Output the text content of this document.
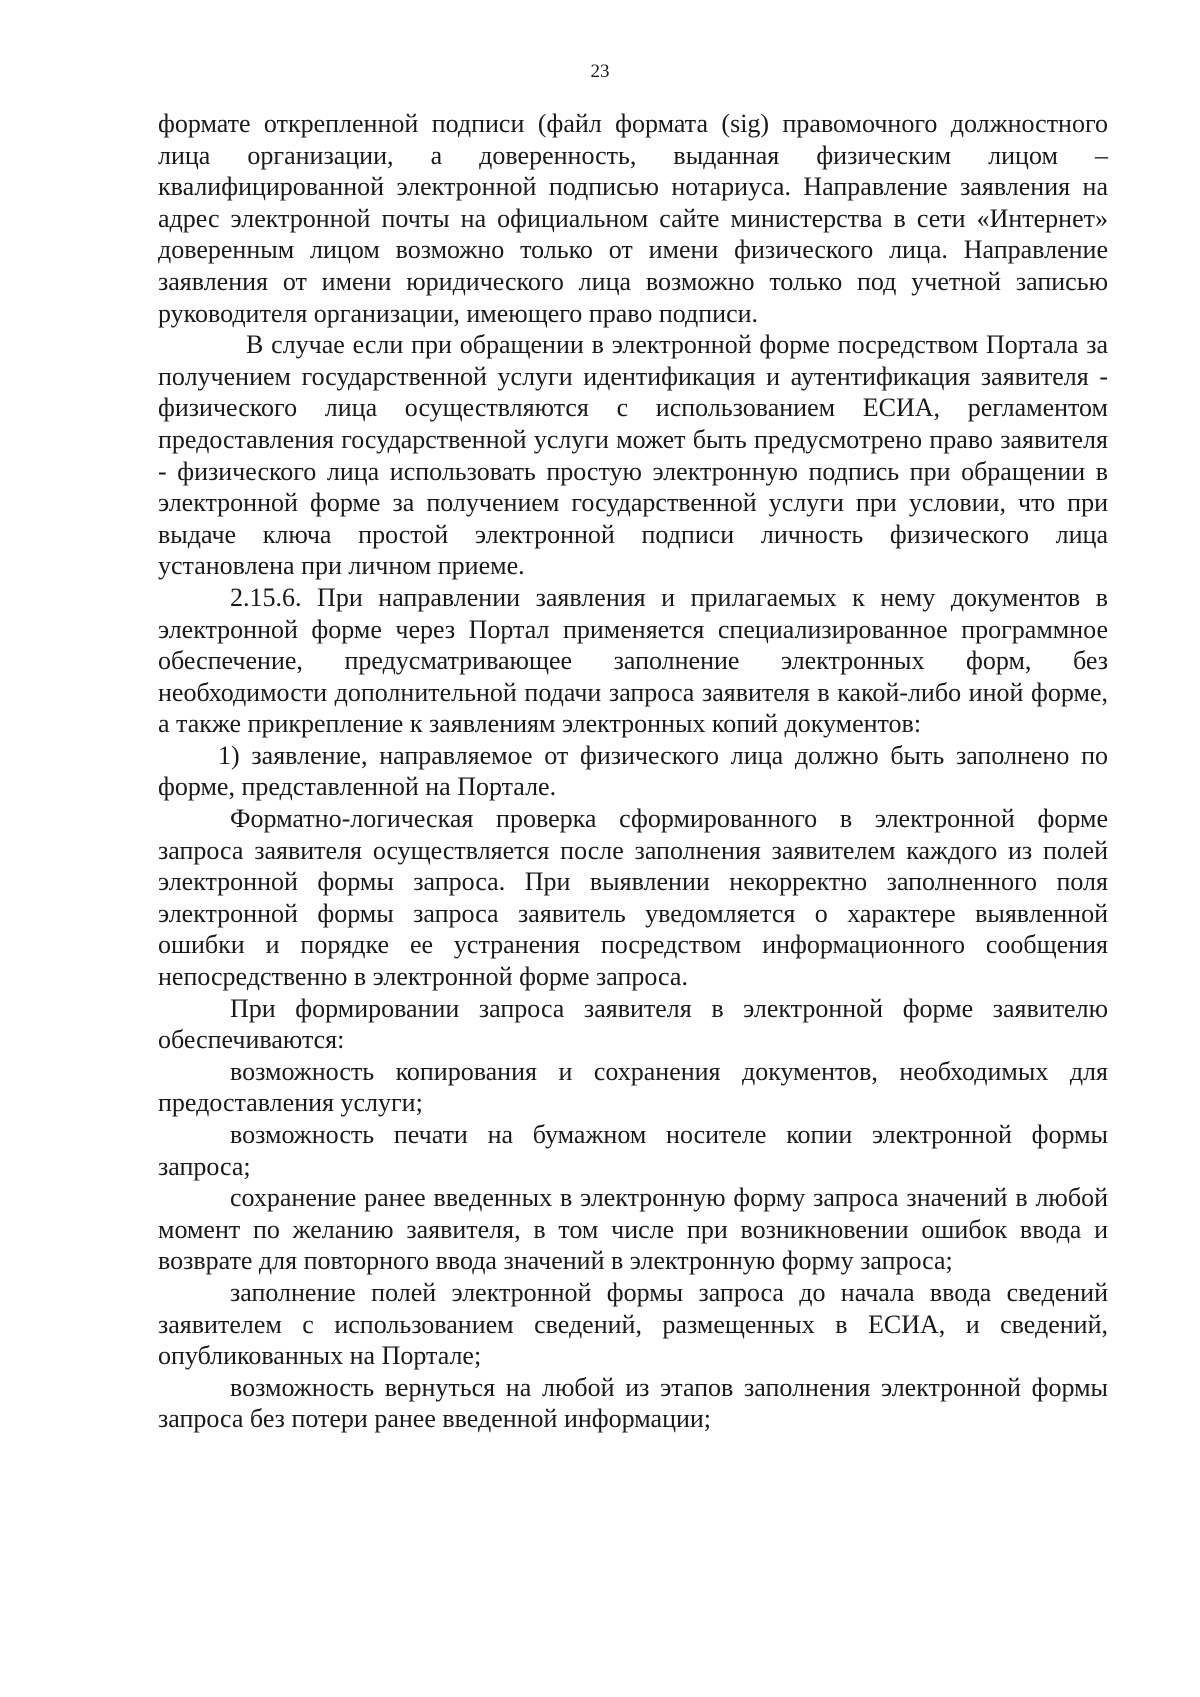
23

формате открепленной подписи (файл формата (sig) правомочного должностного лица организации, а доверенность, выданная физическим лицом – квалифицированной электронной подписью нотариуса. Направление заявления на адрес электронной почты на официальном сайте министерства в сети «Интернет» доверенным лицом возможно только от имени физического лица. Направление заявления от имени юридического лица возможно только под учетной записью руководителя организации, имеющего право подписи.

В случае если при обращении в электронной форме посредством Портала за получением государственной услуги идентификация и аутентификация заявителя - физического лица осуществляются с использованием ЕСИА, регламентом предоставления государственной услуги может быть предусмотрено право заявителя - физического лица использовать простую электронную подпись при обращении в электронной форме за получением государственной услуги при условии, что при выдаче ключа простой электронной подписи личность физического лица установлена при личном приеме.

2.15.6. При направлении заявления и прилагаемых к нему документов в электронной форме через Портал применяется специализированное программное обеспечение, предусматривающее заполнение электронных форм, без необходимости дополнительной подачи запроса заявителя в какой-либо иной форме, а также прикрепление к заявлениям электронных копий документов:

1) заявление, направляемое от физического лица должно быть заполнено по форме, представленной на Портале.

Форматно-логическая проверка сформированного в электронной форме запроса заявителя осуществляется после заполнения заявителем каждого из полей электронной формы запроса. При выявлении некорректно заполненного поля электронной формы запроса заявитель уведомляется о характере выявленной ошибки и порядке ее устранения посредством информационного сообщения непосредственно в электронной форме запроса.

При формировании запроса заявителя в электронной форме заявителю обеспечиваются:

возможность копирования и сохранения документов, необходимых для предоставления услуги;

возможность печати на бумажном носителе копии электронной формы запроса;

сохранение ранее введенных в электронную форму запроса значений в любой момент по желанию заявителя, в том числе при возникновении ошибок ввода и возврате для повторного ввода значений в электронную форму запроса;

заполнение полей электронной формы запроса до начала ввода сведений заявителем с использованием сведений, размещенных в ЕСИА, и сведений, опубликованных на Портале;

возможность вернуться на любой из этапов заполнения электронной формы запроса без потери ранее введенной информации;
